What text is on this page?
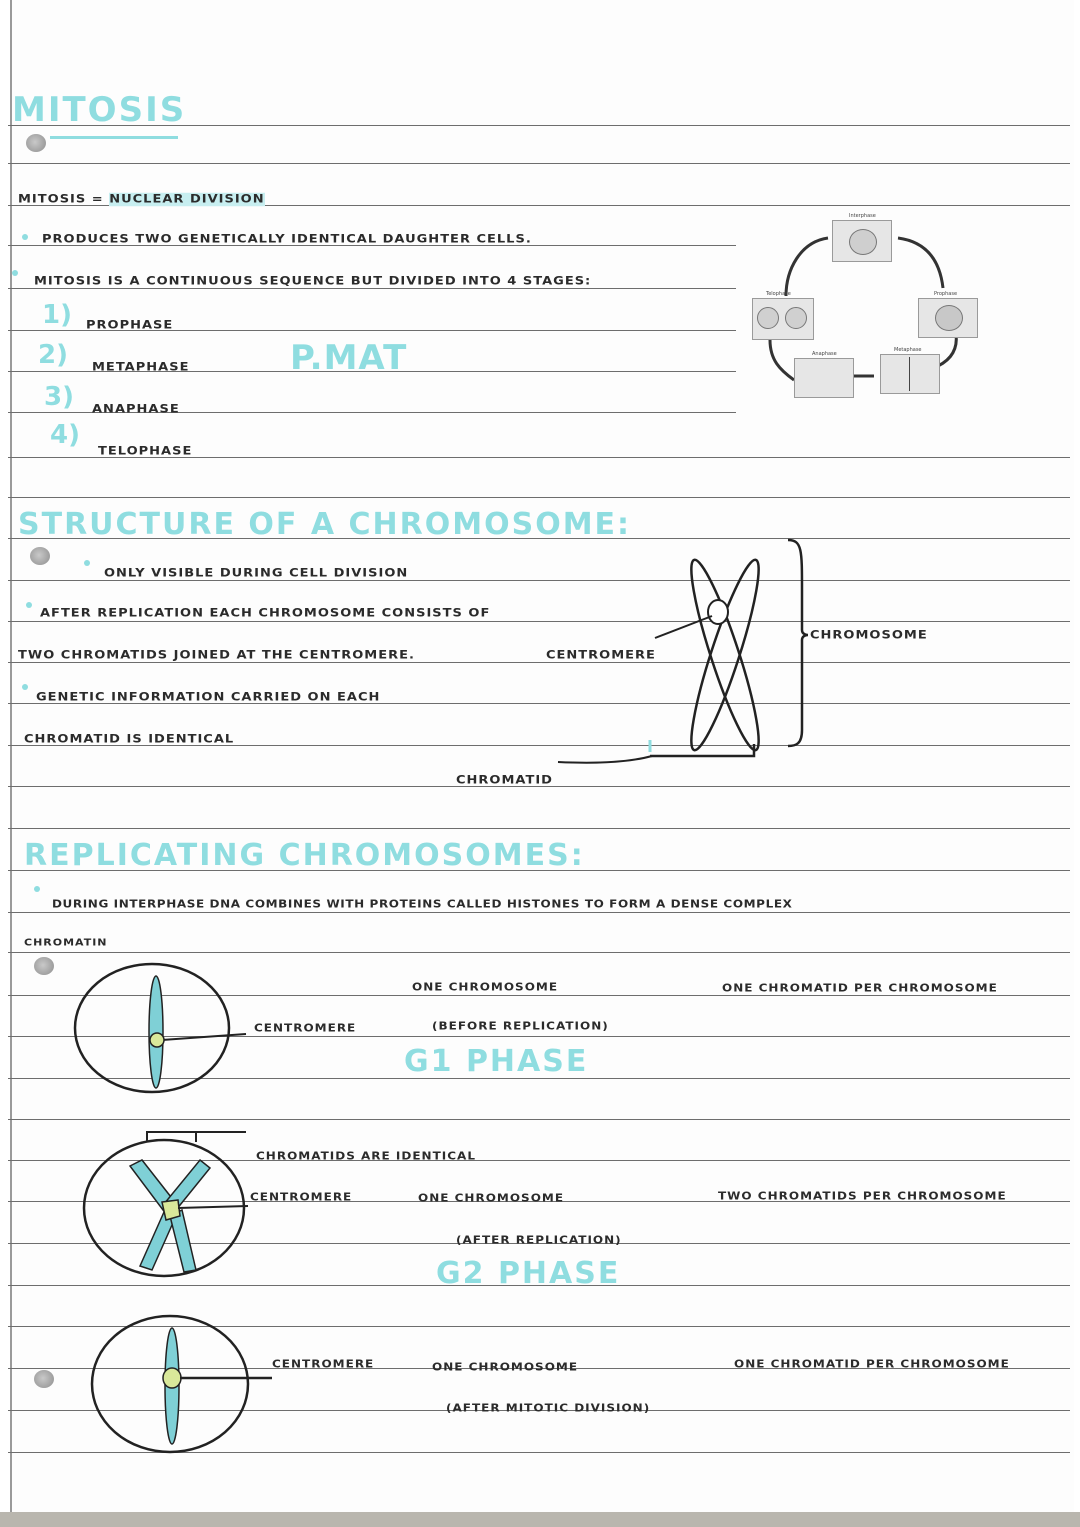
MITOSIS
MITOSIS = NUCLEAR DIVISION
PRODUCES TWO GENETICALLY IDENTICAL DAUGHTER CELLS.
MITOSIS IS A CONTINUOUS SEQUENCE BUT DIVIDED INTO 4 STAGES:
1) PROPHASE
2) METAPHASE
3) ANAPHASE
4)
TELOPHASE
P.MAT
Interphase
Prophase
Metaphase
Anaphase
Telophase
STRUCTURE OF A CHROMOSOME:
ONLY VISIBLE DURING CELL DIVISION
AFTER REPLICATION EACH CHROMOSOME CONSISTS OF
TWO CHROMATIDS JOINED AT THE CENTROMERE.
GENETIC INFORMATION CARRIED ON EACH
CHROMATID IS IDENTICAL
CENTROMERE
CHROMOSOME
CHROMATID
REPLICATING CHROMOSOMES:
DURING INTERPHASE DNA COMBINES WITH PROTEINS CALLED HISTONES TO FORM A DENSE COMPLEX
CHROMATIN
CENTROMERE
ONE CHROMOSOME
(BEFORE REPLICATION)
G1 PHASE
ONE CHROMATID PER CHROMOSOME
CHROMATIDS ARE IDENTICAL
CENTROMERE	ONE CHROMOSOME
(AFTER REPLICATION)
G2 PHASE
TWO CHROMATIDS PER CHROMOSOME
CENTROMERE	ONE CHROMOSOME
(AFTER MITOTIC DIVISION)
ONE CHROMATID PER CHROMOSOME
